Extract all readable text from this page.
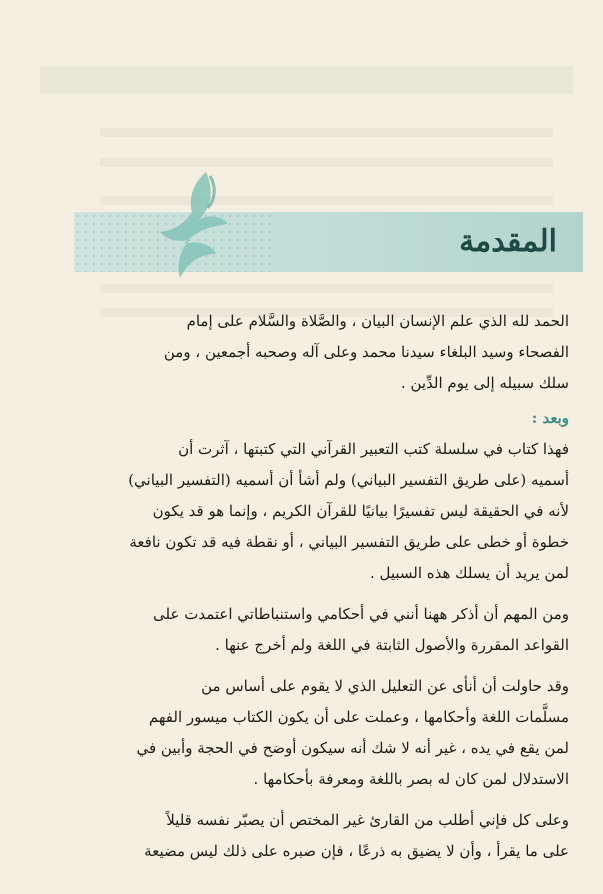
المقدمة

الحمد لله الذي علم الإنسان البيان ، والصَّلاة والسَّلام على إمام
الفصحاء وسيد البلغاء سيدنا محمد وعلى آله وصحبه أجمعين ، ومن
سلك سبيله إلى يوم الدِّين .

وبعد :

فهذا كتاب في سلسلة كتب التعبير القرآني التي كتبتها ، آثرت أن
أسميه (على طريق التفسير البياني) ولم أشأ أن أسميه (التفسير البياني)
لأنه في الحقيقة ليس تفسيرًا بيانيًا للقرآن الكريم ، وإنما هو قد يكون
خطوة أو خطى على طريق التفسير البياني ، أو نقطة فيه قد تكون نافعة
لمن يريد أن يسلك هذه السبيل .

ومن المهم أن أذكر ههنا أنني في أحكامي واستنباطاتي اعتمدت على
القواعد المقررة والأصول الثابتة في اللغة ولم أخرج عنها .

وقد حاولت أن أنأى عن التعليل الذي لا يقوم على أساس من
مسلَّمات اللغة وأحكامها ، وعملت على أن يكون الكتاب ميسور الفهم
لمن يقع في يده ، غير أنه لا شك أنه سيكون أوضح في الحجة وأبين في
الاستدلال لمن كان له بصر باللغة ومعرفة بأحكامها .

وعلى كل فإني أطلب من القارئ غير المختص أن يصبّر نفسه قليلاً
على ما يقرأ ، وأن لا يضيق به ذرعًا ، فإن صبره على ذلك ليس مضيعة
